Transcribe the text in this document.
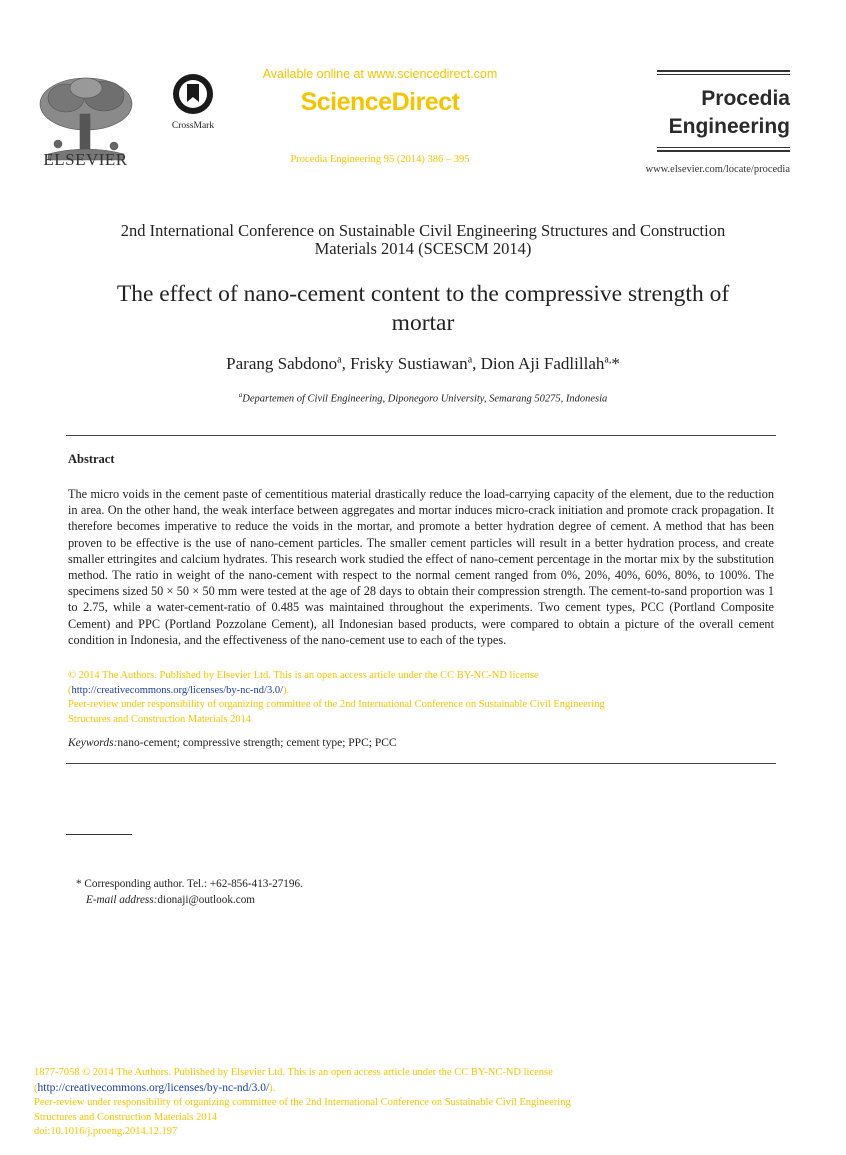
ELSEVIER
CrossMark
Available online at www.sciencedirect.com
ScienceDirect
Procedia Engineering 95 (2014) 386 – 395
Procedia
Engineering
www.elsevier.com/locate/procedia
2nd International Conference on Sustainable Civil Engineering Structures and Construction
Materials 2014 (SCESCM 2014)
The effect of nano-cement content to the compressive strength of
mortar
Parang Sabdono$^a$, Frisky Sustiawan$^a$, Dion Aji Fadlillah$^{a,}$*
$^a$Departemen of Civil Engineering, Diponegoro University, Semarang 50275, Indonesia
Abstract
The micro voids in the cement paste of cementitious material drastically reduce the load-carrying capacity of the element, due to the reduction in area. On the other hand, the weak interface between aggregates and mortar induces micro-crack initiation and promote crack propagation. It therefore becomes imperative to reduce the voids in the mortar, and promote a better hydration degree of cement. A method that has been proven to be effective is the use of nano-cement particles. The smaller cement particles will result in a better hydration process, and create smaller ettringites and calcium hydrates. This research work studied the effect of nano-cement percentage in the mortar mix by the substitution method. The ratio in weight of the nano-cement with respect to the normal cement ranged from 0%, 20%, 40%, 60%, 80%, to 100%. The specimens sized 50 × 50 × 50 mm were tested at the age of 28 days to obtain their compression strength. The cement-to-sand proportion was 1 to 2.75, while a water-cement-ratio of 0.485 was maintained throughout the experiments. Two cement types, PCC (Portland Composite Cement) and PPC (Portland Pozzolane Cement), all Indonesian based products, were compared to obtain a picture of the overall cement condition in Indonesia, and the effectiveness of the nano-cement use to each of the types.
© 2014 The Authors. Published by Elsevier Ltd. This is an open access article under the CC BY-NC-ND license
(http://creativecommons.org/licenses/by-nc-nd/3.0/).
Peer-review under responsibility of organizing committee of the 2nd International Conference on Sustainable Civil Engineering
Structures and Construction Materials 2014
Keywords:nano-cement; compressive strength; cement type; PPC; PCC
* Corresponding author. Tel.: +62-856-413-27196.
E-mail address:dionaji@outlook.com
1877-7058 © 2014 The Authors. Published by Elsevier Ltd. This is an open access article under the CC BY-NC-ND license
(http://creativecommons.org/licenses/by-nc-nd/3.0/).
Peer-review under responsibility of organizing committee of the 2nd International Conference on Sustainable Civil Engineering
Structures and Construction Materials 2014
doi:10.1016/j.proeng.2014.12.197
